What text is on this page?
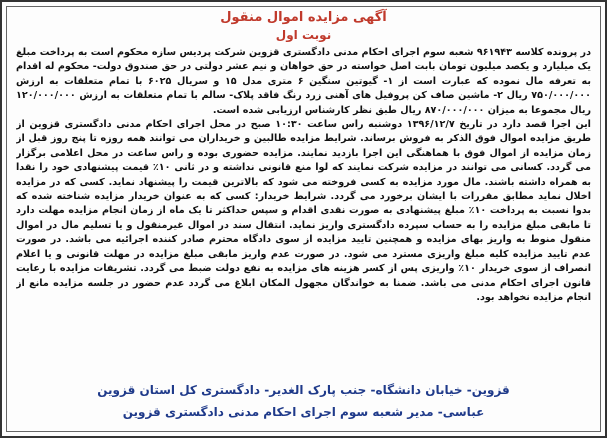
آگهی مزایده اموال منقول
نوبت اول

در پرونده کلاسه ۹۶۱۹۴۳ شعبه سوم اجرای احکام مدنی دادگستری قزوین شرکت پردیس سازه محکوم است به پرداخت مبلغ یک میلیارد و یکصد میلیون تومان بابت اصل خواسته در حق خواهان و نیم عشر دولتی در حق صندوق دولت- محکوم له اقدام به تعرفه مال نموده که عبارت است از ۱- گیوتین سنگین ۶ متری مدل ۱۵ و سریال ۶۰۲۵ با تمام متعلقات به ارزش ۷۵۰/۰۰۰/۰۰۰ ریال ۲- ماشین صاف کن پروفیل های آهنی زرد رنگ فاقد پلاک- سالم با تمام متعلقات به ارزش ۱۲۰/۰۰۰/۰۰۰ ریال مجموعا به میزان ۸۷۰/۰۰۰/۰۰۰ ریال طبق نظر کارشناس ارزیابی شده است.

این اجرا قصد دارد در تاریخ ۱۳۹۶/۱۲/۷ دوشنبه راس ساعت ۱۰:۳۰ صبح در محل اجرای احکام مدنی دادگستری قزوین از طریق مزایده اموال فوق الذکر به فروش برساند. شرایط مزایده طالبین و خریداران می توانند همه روزه تا پنج روز قبل از زمان مزایده از اموال فوق با هماهنگی این اجرا بازدید نمایند. مزایده حضوری بوده و راس ساعت در محل اعلامی برگزار می گردد. کسانی می توانند در مزایده شرکت نمایند که لوا منع قانونی نداشته و در ثانی ۱۰٪ قیمت پیشنهادی خود را نقدا به همراه داشته باشند. مال مورد مزایده به کسی فروخته می شود که بالاترین قیمت را پیشنهاد نماید. کسی که در مزایده اخلال نماید مطابق مقررات با ایشان برخورد می گردد. شرایط خریدار: کسی که به عنوان خریدار مزایده شناخته شده که بدوا نسبت به پرداخت ۱۰٪ مبلغ پیشنهادی به صورت نقدی اقدام و سپس حداکثر تا یک ماه از زمان انجام مزایده مهلت دارد تا مابقی مبلغ مزایده را به حساب سپرده دادگستری واریز نماید. انتقال سند در اموال غیرمنقول و یا تسلیم مال در اموال منقول منوط به واریز بهای مزایده و همچنین تایید مزایده از سوی دادگاه محترم صادر کننده اجرائیه می باشد. در صورت عدم تایید مزایده کلیه مبلغ واریزی مسترد می شود. در صورت عدم واریز مابقی مبلغ مزایده در مهلت قانونی و یا اعلام انصراف از سوی خریدار ۱۰٪ واریزی پس از کسر هزینه های مزایده به نفع دولت ضبط می گردد. تشریفات مزایده با رعایت قانون اجرای احکام مدنی می باشد. ضمنا به خواندگان مجهول المکان ابلاغ می گردد عدم حضور در جلسه مزایده مانع از انجام مزایده نخواهد بود.

قزوین- خیابان دانشگاه- جنب پارک الغدیر- دادگستری کل استان قزوین
عباسی- مدیر شعبه سوم اجرای احکام مدنی دادگستری قزوین
